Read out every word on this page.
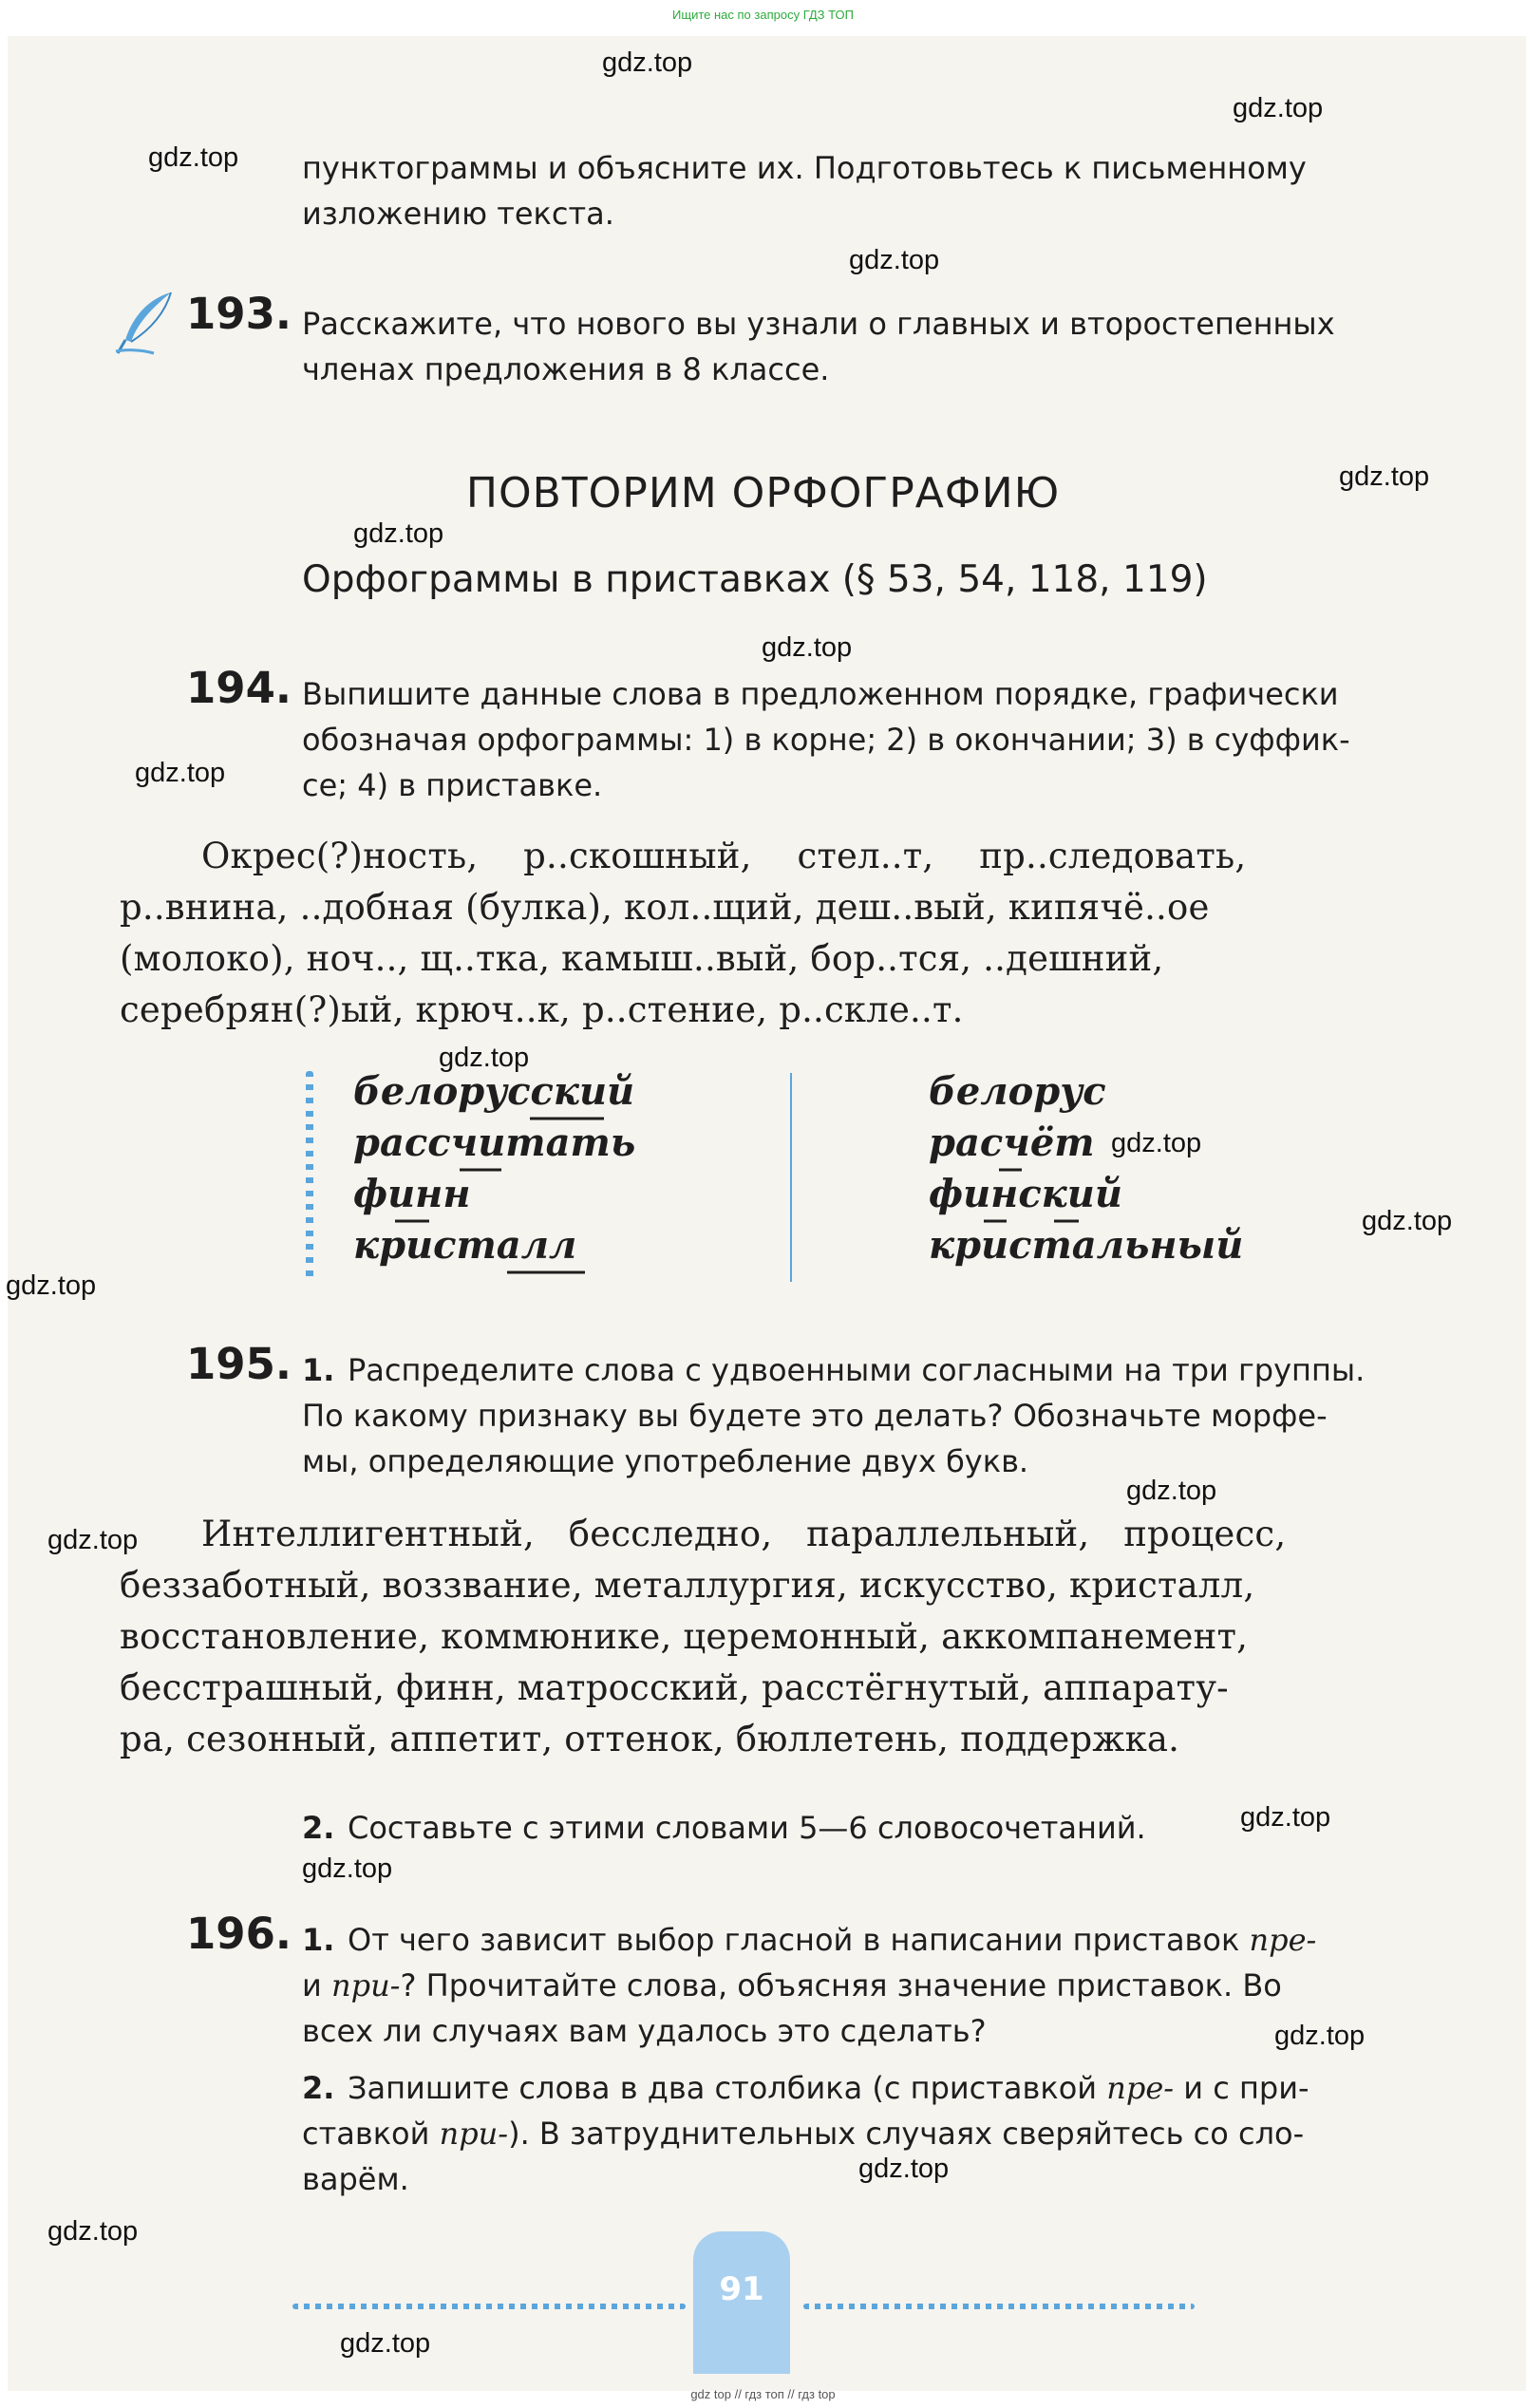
Ищите нас по запросу ГДЗ ТОП
gdz.top
gdz.top
gdz.top
gdz.top
gdz.top
gdz.top
gdz.top
gdz.top
gdz.top
gdz.top
gdz.top
gdz.top
gdz.top
gdz.top
gdz.top
gdz.top
gdz.top
gdz.top
gdz.top
gdz.top
пунктограммы и объясните их. Подготовьтесь к письменному
изложению текста.
193. Расскажите, что нового вы узнали о главных и второстепенных
членах предложения в 8 классе.
ПОВТОРИМ ОРФОГРАФИЮ
Орфограммы в приставках (§ 53, 54, 118, 119)
194. Выпишите данные слова в предложенном порядке, графически
обозначая орфограммы: 1) в корне; 2) в окончании; 3) в суффик-
се; 4) в приставке.
Окрес(?)ность,    р..скошный,    стел..т,    пр..следовать,
р..внина, ..добная (булка), кол..щий, деш..вый, кипячё..ое
(молоко), ноч.., щ..тка, камыш..вый, бор..тся, ..дешний,
серебрян(?)ый, крюч..к, р..стение, р..скле..т.
белорусский
рассчитать
финн
кристалл
белорус
расчёт
финский
кристальный
195. 1. Распределите слова с удвоенными согласными на три группы.
По какому признаку вы будете это делать? Обозначьте морфе-
мы, определяющие употребление двух букв.
Интеллигентный,   бесследно,   параллельный,   процесс,
беззаботный, воззвание, металлургия, искусство, кристалл,
восстановление, коммюнике, церемонный, аккомпанемент,
бесстрашный, финн, матросский, расстёгнутый, аппарату-
ра, сезонный, аппетит, оттенок, бюллетень, поддержка.
2. Составьте с этими словами 5—6 словосочетаний.
196. 1. От чего зависит выбор гласной в написании приставок пре-
и при-? Прочитайте слова, объясняя значение приставок. Во
всех ли случаях вам удалось это сделать?
2. Запишите слова в два столбика (с приставкой пре- и с при-
ставкой при-). В затруднительных случаях сверяйтесь со сло-
варём.
91
gdz top // гдз топ // гдз top
